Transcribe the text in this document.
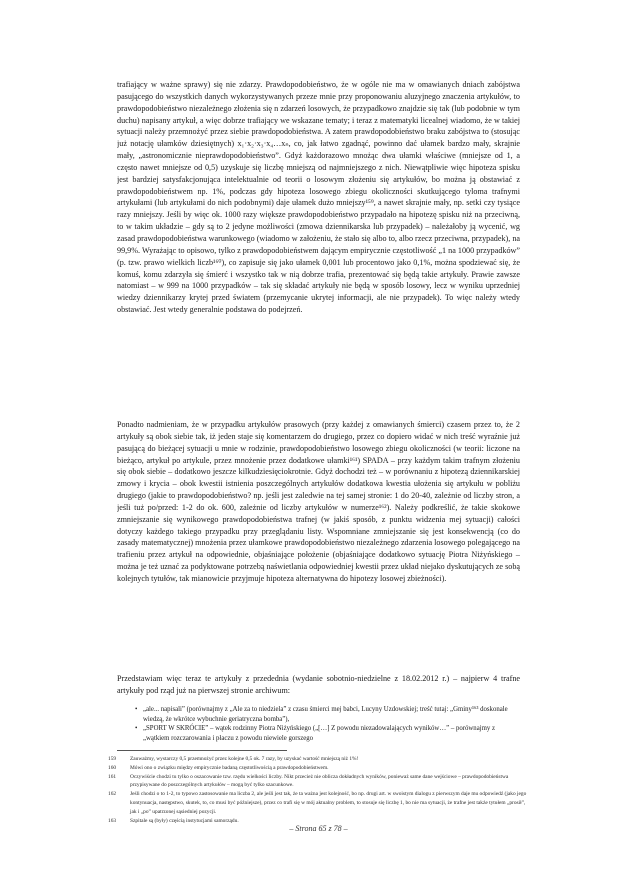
trafiający w ważne sprawy) się nie zdarzy. Prawdopodobieństwo, że w ogóle nie ma w omawianych dniach zabójstwa pasującego do wszystkich danych wykorzystywanych przeze mnie przy proponowaniu aluzyjnego znaczenia artykułów, to prawdopodobieństwo niezależnego złożenia się n zdarzeń losowych, że przypadkowo znajdzie się tak (lub podobnie w tym duchu) napisany artykuł, a więc dobrze trafiający we wskazane tematy; i teraz z matematyki licealnej wiadomo, że w takiej sytuacji należy przemnożyć przez siebie prawdopodobieństwa. A zatem prawdopodobieństwo braku zabójstwa to (stosując już notację ułamków dziesiętnych) x₁·x₂·x₃·x₄…xₙ, co, jak łatwo zgadnąć, powinno dać ułamek bardzo mały, skrajnie mały, „astronomicznie nieprawdopodobieństwo”. Gdyż każdorazowo mnożąc dwa ułamki właściwe (mniejsze od 1, a często nawet mniejsze od 0,5) uzyskuje się liczbę mniejszą od najmniejszego z nich. Niewątpliwie więc hipoteza spisku jest bardziej satysfakcjonująca intelektualnie od teorii o losowym złożeniu się artykułów, bo można ją obstawiać z prawdopodobieństwem np. 1%, podczas gdy hipoteza losowego zbiegu okoliczności skutkującego tyloma trafnymi artykułami (lub artykułami do nich podobnymi) daje ułamek dużo mniejszy¹⁵⁹, a nawet skrajnie mały, np. setki czy tysiące razy mniejszy. Jeśli by więc ok. 1000 razy większe prawdopodobieństwo przypadało na hipotezę spisku niż na przeciwną, to w takim układzie – gdy są to 2 jedyne możliwości (zmowa dziennikarska lub przypadek) – należałoby ją wycenić, wg zasad prawdopodobieństwa warunkowego (wiadomo w założeniu, że stało się albo to, albo rzecz przeciwna, przypadek), na 99,9%. Wyrażając to opisowo, tylko z prawdopodobieństwem dającym empirycznie częstotliwość „1 na 1000 przypadków” (p. tzw. prawo wielkich liczb¹⁶⁰), co zapisuje się jako ułamek 0,001 lub procentowo jako 0,1%, można spodziewać się, że komuś, komu zdarzyła się śmierć i wszystko tak w nią dobrze trafia, prezentować się będą takie artykuły. Prawie zawsze natomiast – w 999 na 1000 przypadków – tak się składać artykuły nie będą w sposób losowy, lecz w wyniku uprzedniej wiedzy dziennikarzy krytej przed światem (przemycanie ukrytej informacji, ale nie przypadek). To więc należy wtedy obstawiać. Jest wtedy generalnie podstawa do podejrzeń.

Ponadto nadmieniam, że w przypadku artykułów prasowych (przy każdej z omawianych śmierci) czasem przez to, że 2 artykuły są obok siebie tak, iż jeden staje się komentarzem do drugiego, przez co dopiero widać w nich treść wyraźnie już pasującą do bieżącej sytuacji u mnie w rodzinie, prawdopodobieństwo losowego zbiegu okoliczności (w teorii: liczone na bieżąco, artykuł po artykule, przez mnożenie przez dodatkowe ułamki¹⁶¹) SPADA – przy każdym takim trafnym złożeniu się obok siebie – dodatkowo jeszcze kilkudziesięciokrotnie. Gdyż dochodzi też – w porównaniu z hipotezą dziennikarskiej zmowy i krycia – obok kwestii istnienia poszczególnych artykułów dodatkowa kwestia ułożenia się artykułu w pobliżu drugiego (jakie to prawdopodobieństwo? np. jeśli jest zaledwie na tej samej stronie: 1 do 20-40, zależnie od liczby stron, a jeśli tuż po/przed: 1-2 do ok. 600, zależnie od liczby artykułów w numerze¹⁶²). Należy podkreślić, że takie skokowe zmniejszanie się wynikowego prawdopodobieństwa trafnej (w jakiś sposób, z punktu widzenia mej sytuacji) całości dotyczy każdego takiego przypadku przy przeglądaniu listy. Wspomniane zmniejszanie się jest konsekwencją (co do zasady matematycznej) mnożenia przez ułamkowe prawdopodobieństwo niezależnego zdarzenia losowego polegającego na trafieniu przez artykuł na odpowiednie, objaśniające położenie (objaśniające dodatkowo sytuację Piotra Niżyńskiego – można je też uznać za podyktowane potrzebą naświetlania odpowiedniej kwestii przez układ niejako dyskutujących ze sobą kolejnych tytułów, tak mianowicie przyjmuje hipoteza alternatywna do hipotezy losowej zbieżności).

Przedstawiam więc teraz te artykuły z przedednia (wydanie sobotnio-niedzielne z 18.02.2012 r.) – najpierw 4 trafne artykuły pod rząd już na pierwszej stronie archiwum:

• „ale... napisali” (porównajmy z „Ale za to niedziela” z czasu śmierci mej babci, Lucyny Uzdowskiej; treść tutaj: „Gminy¹⁶³ doskonale wiedzą, że wkrótce wybuchnie geriatryczna bomba”),

• „SPORT W SKRÓCIE” – wątek rodzinny Piotra Niżyńskiego („[…] Z powodu niezadowalających wyników…” – porównajmy z „wątkiem rozczarowania i płaczu z powodu niewiele gorszego

159	Zauważmy, wystarczy 0,5 przemnożyć przez kolejne 0,5 ok. 7 razy, by uzyskać wartość mniejszą niż 1%!
160	Mówi ono o związku między empirycznie badaną częstotliwością a prawdopodobieństwem.
161	Oczywiście chodzi tu tylko o oszacowanie tzw. rzędu wielkości liczby. Nikt przecież nie oblicza dokładnych wyników, ponieważ same dane wejściowe – prawdopodobieństwa przypisywane do poszczególnych artykułów – mogą być tylko szacunkowe.
162	Jeśli chodzi o to 1-2, to typowo zastosowanie ma liczba 2, ale jeśli jest tak, że ta ważna jest kolejność, bo np. drugi art. w swoistym dialogu z pierwszym daje mu odpowiedź (jako jego kontynuacja, następstwo, skutek, to, co musi być późniejsze), przez co trafi się w mój aktualny problem, to stosuje się liczbę 1, bo nie ma sytuacji, że trafne jest także tytułem „prosił”, jak i „po” upatrzonej sąsiedniej pozycji.
163	Szpitale są (były) częścią instytucjami samorządu.
– Strona 65 z 78 –
